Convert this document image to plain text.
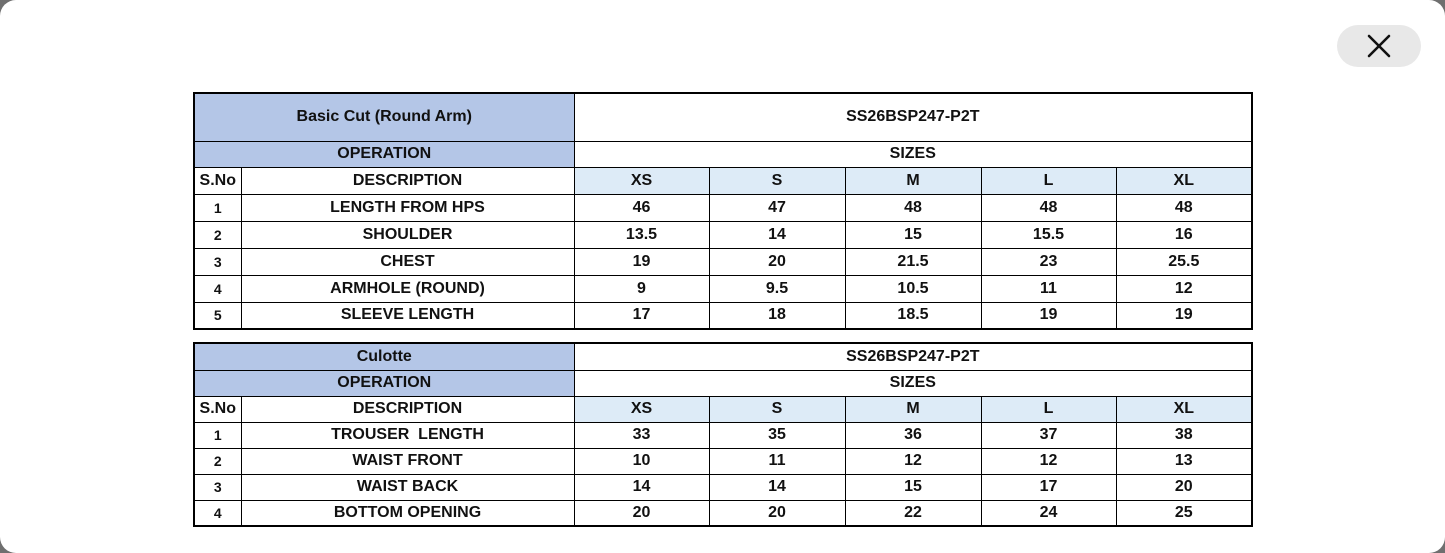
Basic Cut (Round Arm)		SS26BSP247-P2T				
OPERATION		SIZES				
S.No	DESCRIPTION	XS	S	M	L	XL
1	LENGTH FROM HPS	46	47	48	48	48
2	SHOULDER	13.5	14	15	15.5	16
3	CHEST	19	20	21.5	23	25.5
4	ARMHOLE (ROUND)	9	9.5	10.5	11	12
5	SLEEVE LENGTH	17	18	18.5	19	19
Culotte		SS26BSP247-P2T				
OPERATION		SIZES				
S.No	DESCRIPTION	XS	S	M	L	XL
1	TROUSER  LENGTH	33	35	36	37	38
2	WAIST FRONT	10	11	12	12	13
3	WAIST BACK	14	14	15	17	20
4	BOTTOM OPENING	20	20	22	24	25
